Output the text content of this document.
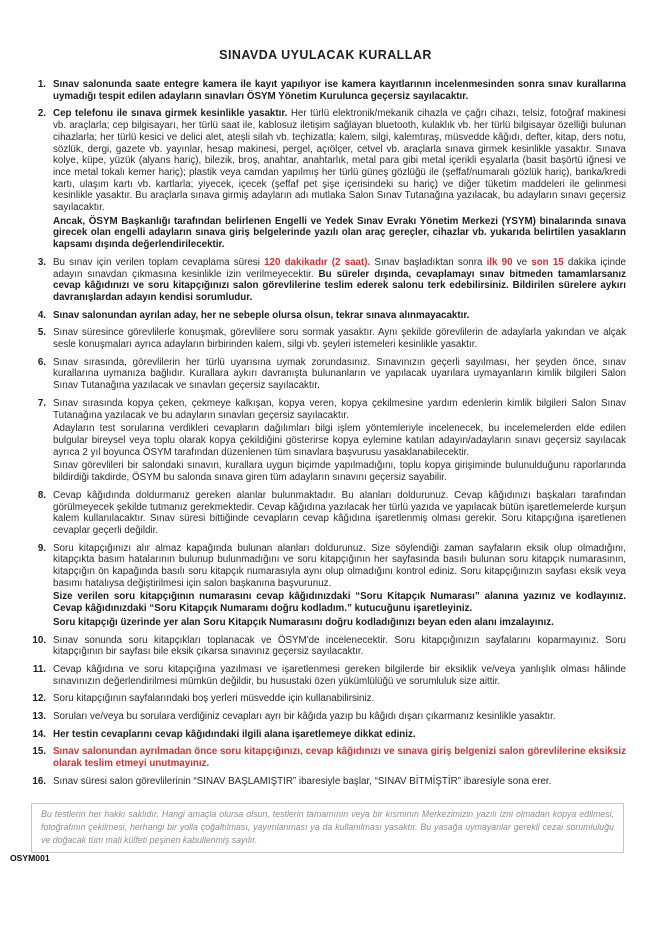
SINAVDA UYULACAK KURALLAR
1. Sınav salonunda saate entegre kamera ile kayıt yapılıyor ise kamera kayıtlarının incelenmesinden sonra sınav kurallarına uymadığı tespit edilen adayların sınavları ÖSYM Yönetim Kurulunca geçersiz sayılacaktır.

2. Cep telefonu ile sınava girmek kesinlikle yasaktır. Her türlü elektronik/mekanik cihazla ve çağrı cihazı, telsiz, fotoğraf makinesi vb. araçlarla; cep bilgisayarı, her türlü saat ile, kablosuz iletişim sağlayan bluetooth, kulaklık vb. her türlü bilgisayar özelliği bulunan cihazlarla; her türlü kesici ve delici alet, ateşli silah vb. teçhizatla; kalem, silgi, kalemtıraş, müsvedde kâğıdı, defter, kitap, ders notu, sözlük, dergi, gazete vb. yayınlar, hesap makinesi, pergel, açıölçer, cetvel vb. araçlarla sınava girmek kesinlikle yasaktır. Sınava kolye, küpe, yüzük (alyans hariç), bilezik, broş, anahtar, anahtarlık, metal para gibi metal içerikli eşyalarla (basit başörtü iğnesi ve ince metal tokalı kemer hariç); plastik veya camdan yapılmış her türlü güneş gözlüğü ile (şeffaf/numaralı gözlük hariç), banka/kredi kartı, ulaşım kartı vb. kartlarla; yiyecek, içecek (şeffaf pet şişe içerisindeki su hariç) ve diğer tüketim maddeleri ile gelinmesi kesinlikle yasaktır. Bu araçlarla sınava girmiş adayların adı mutlaka Salon Sınav Tutanağına yazılacak, bu adayların sınavı geçersiz sayılacaktır.

Ancak, ÖSYM Başkanlığı tarafından belirlenen Engelli ve Yedek Sınav Evrakı Yönetim Merkezi (YSYM) binalarında sınava girecek olan engelli adayların sınava giriş belgelerinde yazılı olan araç gereçler, cihazlar vb. yukarıda belirtilen yasakların kapsamı dışında değerlendirilecektir.

3. Bu sınav için verilen toplam cevaplama süresi 120 dakikadır (2 saat). Sınav başladıktan sonra ilk 90 ve son 15 dakika içinde adayın sınavdan çıkmasına kesinlikle izin verilmeyecektir. Bu süreler dışında, cevaplamayı sınav bitmeden tamamlarsanız cevap kâğıdınızı ve soru kitapçığınızı salon görevlilerine teslim ederek salonu terk edebilirsiniz. Bildirilen sürelere aykırı davranışlardan adayın kendisi sorumludur.

4. Sınav salonundan ayrılan aday, her ne sebeple olursa olsun, tekrar sınava alınmayacaktır.

5. Sınav süresince görevlilerle konuşmak, görevlilere soru sormak yasaktır. Aynı şekilde görevlilerin de adaylarla yakından ve alçak sesle konuşmaları ayrıca adayların birbirinden kalem, silgi vb. şeyleri istemeleri kesinlikle yasaktır.

6. Sınav sırasında, görevlilerin her türlü uyarısına uymak zorundasınız. Sınavınızın geçerli sayılması, her şeyden önce, sınav kurallarına uymanıza bağlıdır. Kurallara aykırı davranışta bulunanların ve yapılacak uyarılara uymayanların kimlik bilgileri Salon Sınav Tutanağına yazılacak ve sınavları geçersiz sayılacaktır.

7. Sınav sırasında kopya çeken, çekmeye kalkışan, kopya veren, kopya çekilmesine yardım edenlerin kimlik bilgileri Salon Sınav Tutanağına yazılacak ve bu adayların sınavları geçersiz sayılacaktır.

Adayların test sorularına verdikleri cevapların dağılımları bilgi işlem yöntemleriyle incelenecek, bu incelemelerden elde edilen bulgular bireysel veya toplu olarak kopya çekildiğini gösterirse kopya eylemine katılan adayın/adayların sınavı geçersiz sayılacak ayrıca 2 yıl boyunca ÖSYM tarafından düzenlenen tüm sınavlara başvurusu yasaklanabilecektir.

Sınav görevlileri bir salondaki sınavın, kurallara uygun biçimde yapılmadığını, toplu kopya girişiminde bulunulduğunu raporlarında bildirdiği takdirde, ÖSYM bu salonda sınava giren tüm adayların sınavını geçersiz sayabilir.

8. Cevap kâğıdında doldurmanız gereken alanlar bulunmaktadır. Bu alanları doldurunuz. Cevap kâğıdınızı başkaları tarafından görülmeyecek şekilde tutmanız gerekmektedir. Cevap kâğıdına yazılacak her türlü yazıda ve yapılacak bütün işaretlemelerde kurşun kalem kullanılacaktır. Sınav süresi bittiğinde cevapların cevap kâğıdına işaretlenmiş olması gerekir. Soru kitapçığına işaretlenen cevaplar geçerli değildir.

9. Soru kitapçığınızı alır almaz kapağında bulunan alanları doldurunuz. Size söylendiği zaman sayfaların eksik olup olmadığını, kitapçıkta basım hatalarının bulunup bulunmadığını ve soru kitapçığının her sayfasında basılı bulunan soru kitapçık numarasının, kitapçığın ön kapağında basılı soru kitapçık numarasıyla aynı olup olmadığını kontrol ediniz. Soru kitapçığınızın sayfası eksik veya basımı hatalıysa değiştirilmesi için salon başkanına başvurunuz.

Size verilen soru kitapçığının numarasını cevap kâğıdınızdaki “Soru Kitapçık Numarası” alanına yazınız ve kodlayınız. Cevap kâğıdınızdaki “Soru Kitapçık Numaramı doğru kodladım.” kutucuğunu işaretleyiniz.

Soru kitapçığı üzerinde yer alan Soru Kitapçık Numarasını doğru kodladığınızı beyan eden alanı imzalayınız.

10. Sınav sonunda soru kitapçıkları toplanacak ve ÖSYM'de incelenecektir. Soru kitapçığınızın sayfalarını koparmayınız. Soru kitapçığının bir sayfası bile eksik çıkarsa sınavınız geçersiz sayılacaktır.

11. Cevap kâğıdına ve soru kitapçığına yazılması ve işaretlenmesi gereken bilgilerde bir eksiklik ve/veya yanlışlık olması hâlinde sınavınızın değerlendirilmesi mümkün değildir, bu husustaki özen yükümlülüğü ve sorumluluk size aittir.

12. Soru kitapçığının sayfalarındaki boş yerleri müsvedde için kullanabilirsiniz.

13. Soruları ve/veya bu sorulara verdiğiniz cevapları ayrı bir kâğıda yazıp bu kâğıdı dışarı çıkarmanız kesinlikle yasaktır.

14. Her testin cevaplarını cevap kâğıdındaki ilgili alana işaretlemeye dikkat ediniz.

15. Sınav salonundan ayrılmadan önce soru kitapçığınızı, cevap kâğıdınızı ve sınava giriş belgenizi salon görevlilerine eksiksiz olarak teslim etmeyi unutmayınız.

16. Sınav süresi salon görevlilerinin “SINAV BAŞLAMIŞTIR” ibaresiyle başlar, “SINAV BİTMİŞTİR” ibaresiyle sona erer.

Bu testlerin her hakkı saklıdır. Hangi amaçla olursa olsun, testlerin tamamının veya bir kısmının Merkezimizin yazılı izni olmadan kopya edilmesi, fotoğrafının çekilmesi, herhangi bir yolla çoğaltılması, yayımlanması ya da kullanılması yasaktır. Bu yasağa uymayanlar gerekli cezai sorumluluğu ve doğacak tüm mali külfeti peşinen kabullenmiş sayılır.
OSYM001
